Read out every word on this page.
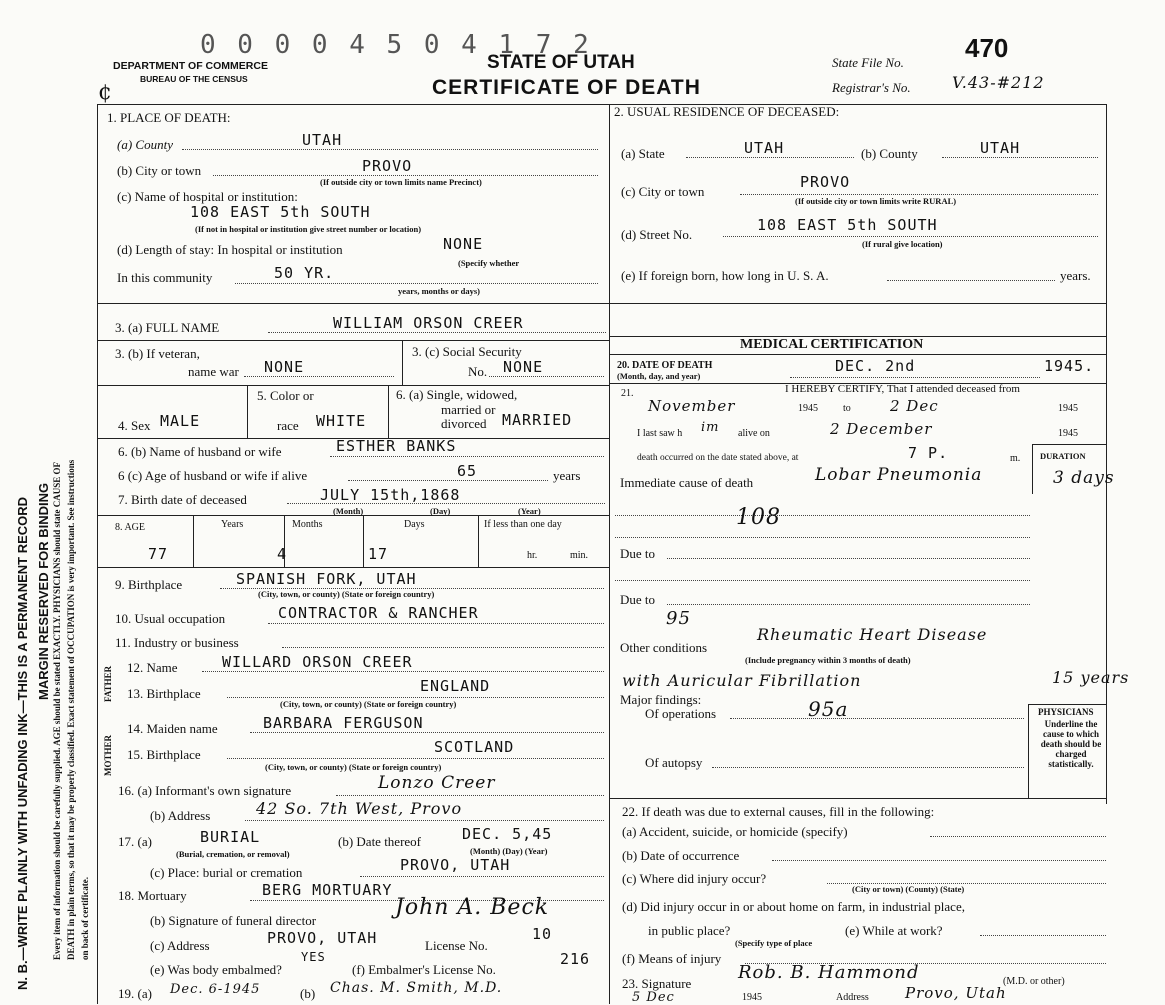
MARGIN RESERVED FOR BINDING
N. B.—WRITE PLAINLY WITH UNFADING INK—THIS IS A PERMANENT RECORD Every item of information should be carefully supplied. AGE should be stated EXACTLY. PHYSICIANS should state CAUSE OF DEATH in plain terms, so that it may be properly classified. Exact statement of OCCUPATION is very important. See instructions on back of certificate.
0 0 0 0 4 5 0 4 1 7 2
DEPARTMENT OF COMMERCE
BUREAU OF THE CENSUS
STATE OF UTAH
CERTIFICATE OF DEATH
State File No. 470
Registrar's No.	V.43-#212
¢
1. PLACE OF DEATH:
(a) County	UTAH
(b) City or town	PROVO
(If outside city or town limits name Precinct)
(c) Name of hospital or institution:
108 EAST 5th SOUTH
(If not in hospital or institution give street number or location)
(d) Length of stay: In hospital or institution	NONE
(Specify whether
In this community	50 YR.
years, months or days)
2. USUAL RESIDENCE OF DECEASED:
(a) State	UTAH	(b) County	UTAH
(c) City or town
PROVO
(If outside city or town limits write RURAL)
(d) Street No.
108 EAST 5th SOUTH
(If rural give location)
(e) If foreign born, how long in U. S. A.	years.
3. (a) FULL NAME	WILLIAM ORSON CREER
3. (b) If veteran,
name war NONE
3. (c) Social Security
No. NONE
4. Sex MALE
5. Color or
race WHITE
6. (a) Single, widowed,
married or
divorced MARRIED
6. (b) Name of husband or wife	ESTHER BANKS
6 (c) Age of husband or wife if alive	65	years
7. Birth date of deceased	JULY 15th,1868
(Month)	(Day)	(Year)
8. AGE	Years	Months	Days	If less than one day
77	4	17	hr.	min.
9. Birthplace	SPANISH FORK, UTAH
(City, town, or county) (State or foreign country)
10. Usual occupation	CONTRACTOR & RANCHER
11. Industry or business
FATHER
MOTHER
12. Name	WILLARD ORSON CREER
13. Birthplace	ENGLAND
(City, town, or county) (State or foreign country)
14. Maiden name	BARBARA FERGUSON
15. Birthplace	SCOTLAND
(City, town, or county) (State or foreign country)
16. (a) Informant's own signature	Lonzo Creer
(b) Address	42 So. 7th West, Provo
17. (a)	BURIAL	(b) Date thereof	DEC. 5,45
(Burial, cremation, or removal)	(Month) (Day) (Year)
(c) Place: burial or cremation	PROVO, UTAH
18. Mortuary	BERG MORTUARY
(b) Signature of funeral director
John A. Beck
(c) Address	PROVO, UTAH	License No.
10
(e) Was body embalmed?
YES
(f) Embalmer's License No.
216
19. (a) Dec. 6-1945	(b) Chas. M. Smith, M.D.
MEDICAL CERTIFICATION
20. DATE OF DEATH
(Month, day, and year)
DEC. 2nd	1945.
21.	I HEREBY CERTIFY, That I attended deceased from
November	1945	to	2 Dec	1945
I last saw h im alive on	2 December	1945
death occurred on the date stated above, at	7 P.	m. DURATION
Immediate cause of death	Lobar Pneumonia	3 days
108
Due to
Due to
95
Other conditions
Rheumatic Heart Disease
(Include pregnancy within 3 months of death)
with Auricular Fibrillation	15 years
Major findings:
Of operations	95a
Of autopsy
PHYSICIANS
Underline the cause to which death should be charged statistically.
22. If death was due to external causes, fill in the following:
(a) Accident, suicide, or homicide (specify)
(b) Date of occurrence
(c) Where did injury occur?
(City or town) (County) (State)
(d) Did injury occur in or about home on farm, in industrial place,
in public place?	(e) While at work?
(Specify type of place
(f) Means of injury
23. Signature
Rob. B. Hammond	(M.D. or other)
5 Dec	1945	Address Provo, Utah
